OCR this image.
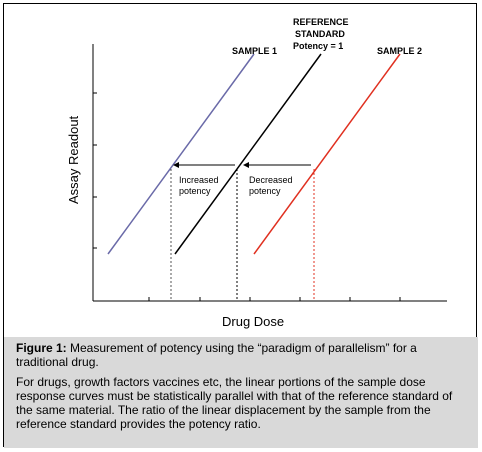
SAMPLE 1
REFERENCE
STANDARD
Potency = 1	SAMPLE 2
Increased
potency
Decreased
potency
Drug Dose
Assay Readout

Figure 1: Measurement of potency using the “paradigm of parallelism” for a traditional drug.

For drugs, growth factors vaccines etc, the linear portions of the sample dose response curves must be statistically parallel with that of the reference standard of the same material. The ratio of the linear displacement by the sample from the reference standard provides the potency ratio.
